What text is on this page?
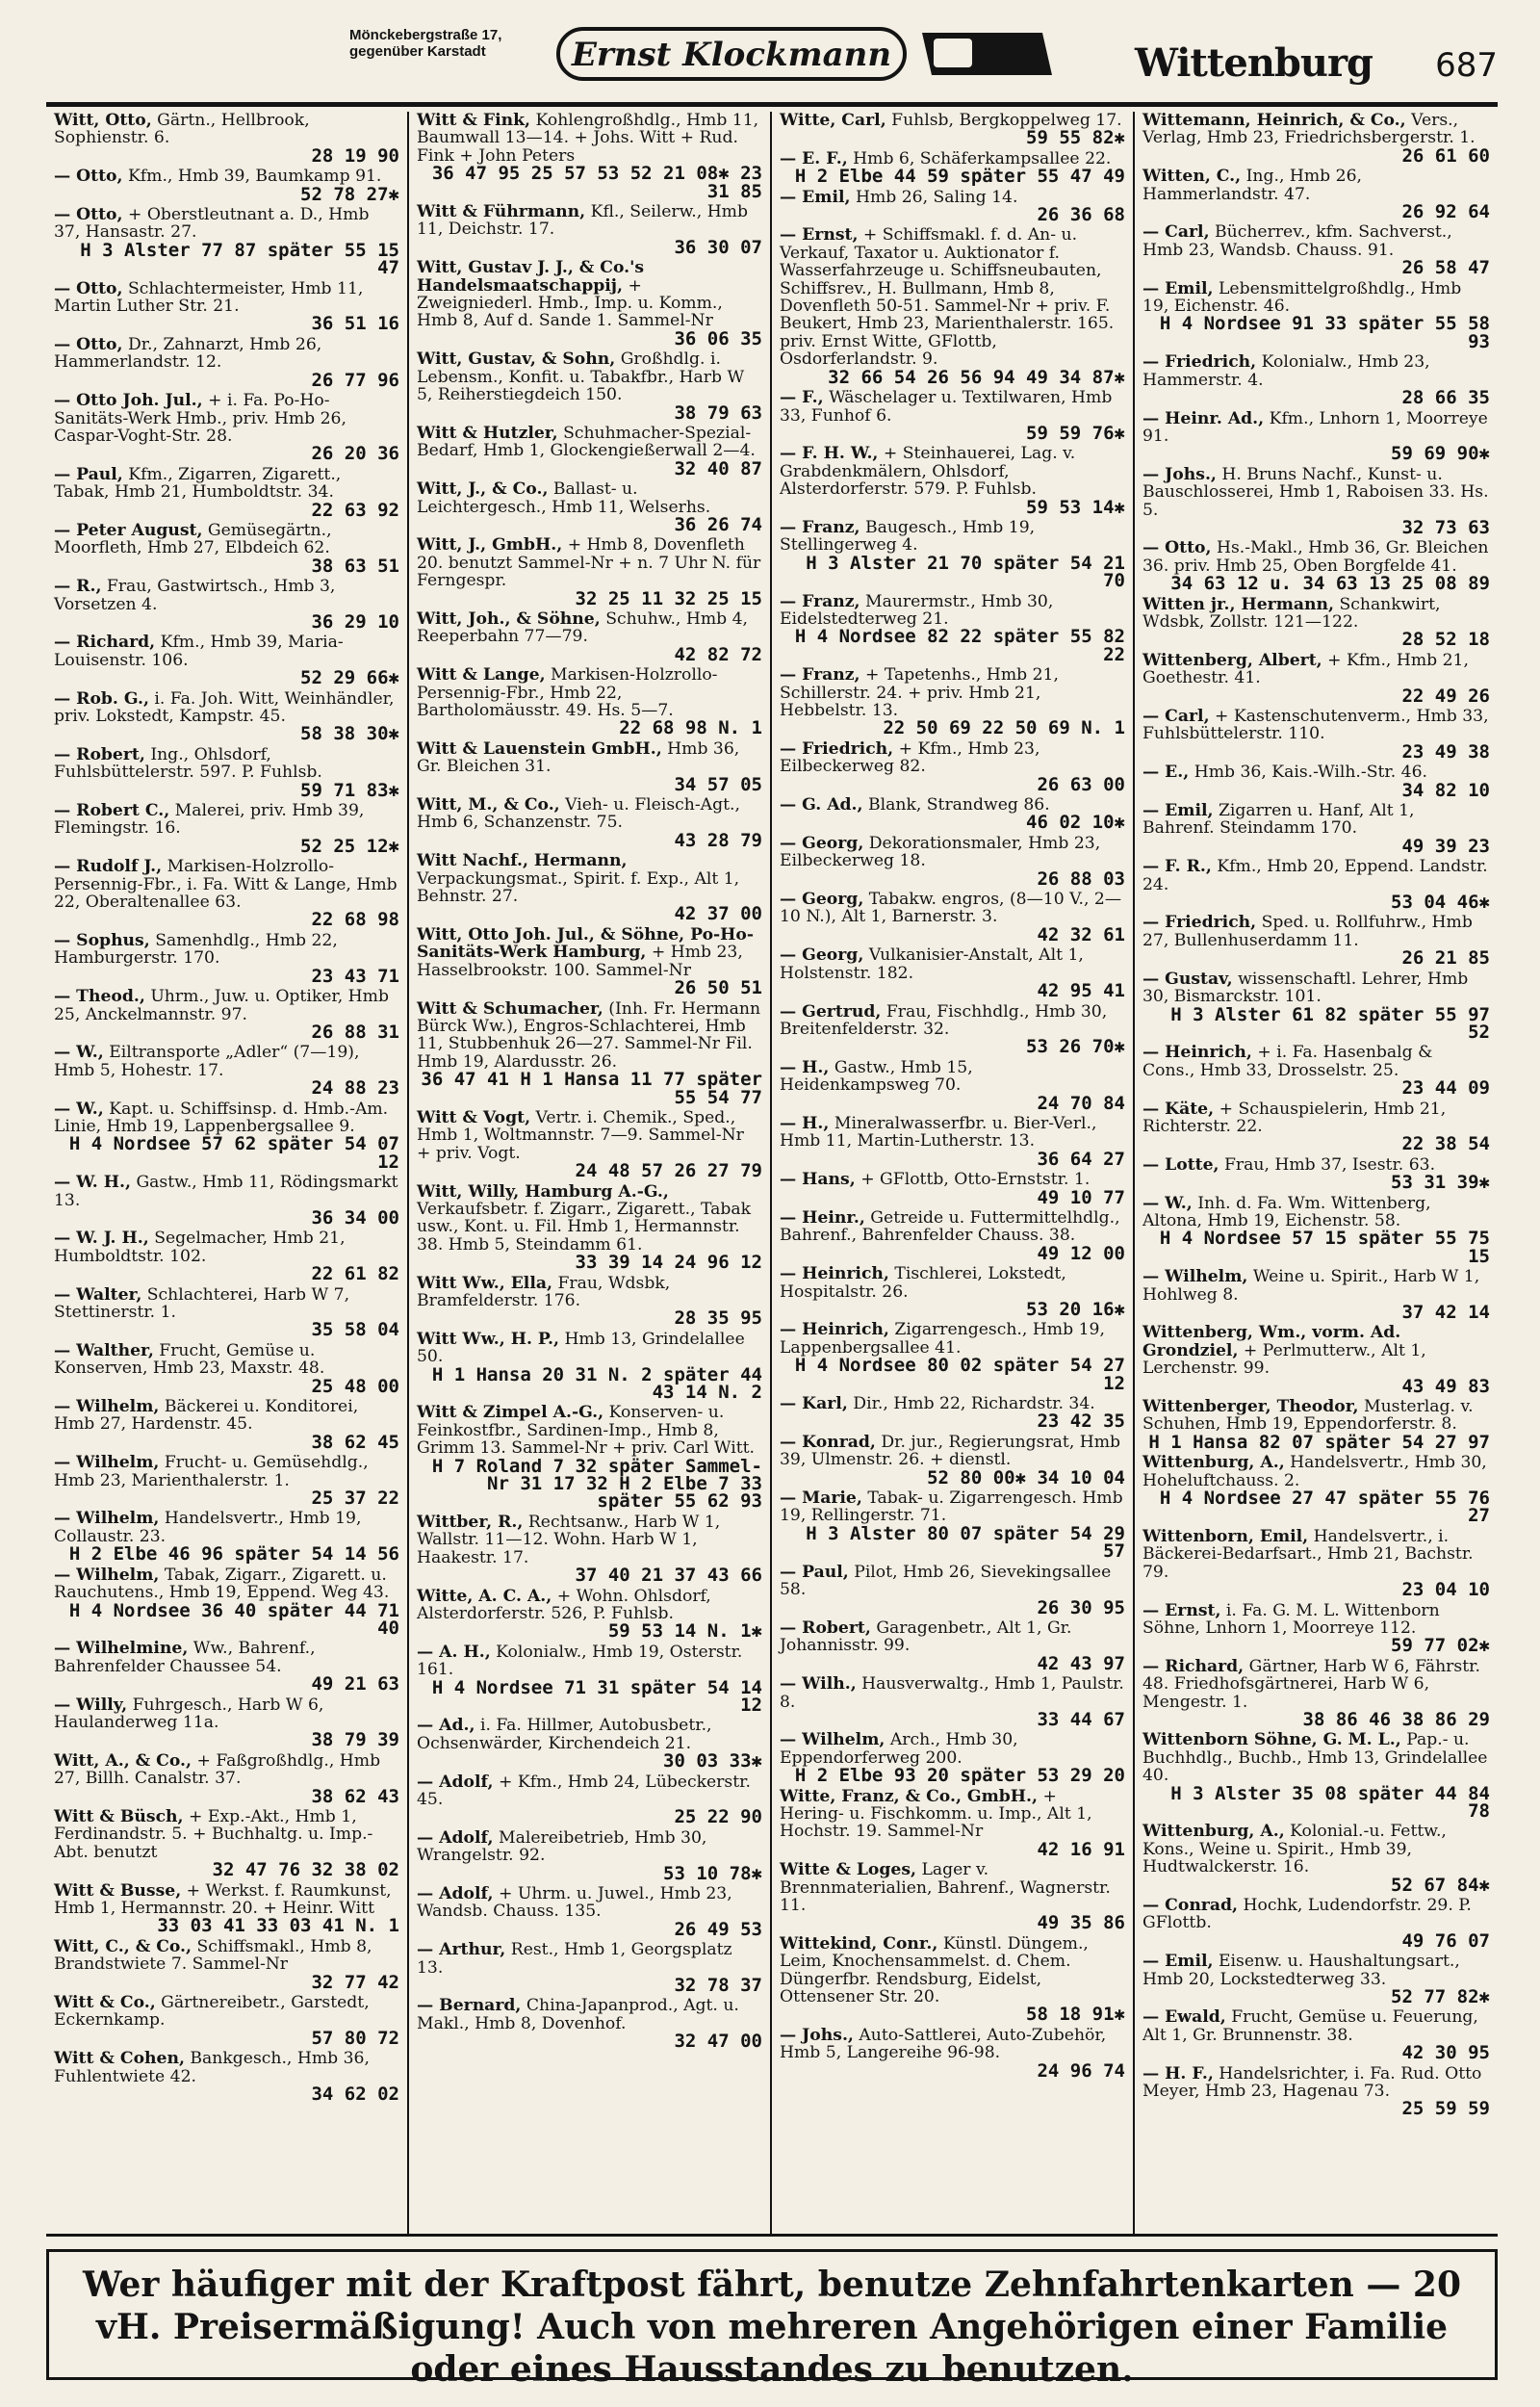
Mönckebergstraße 17, gegenüber Karstadt	Ernst Klockmann	Wittenburg 687
Witt, Otto, Gärtn., Hellbrook, Sophienstr. 6.
28 19 90
— Otto, Kfm., Hmb 39, Baumkamp 91.
52 78 27✱
— Otto, + Oberstleutnant a. D., Hmb 37, Hansastr. 27.
H 3 Alster 77 87 später 55 15 47
— Otto, Schlachtermeister, Hmb 11, Martin Luther Str. 21.
36 51 16
— Otto, Dr., Zahnarzt, Hmb 26, Hammerlandstr. 12.
26 77 96
— Otto Joh. Jul., + i. Fa. Po-Ho-Sanitäts-Werk Hmb., priv. Hmb 26, Caspar-Voght-Str. 28.
26 20 36
— Paul, Kfm., Zigarren, Zigarett., Tabak, Hmb 21, Humboldtstr. 34.
22 63 92
— Peter August, Gemüsegärtn., Moorfleth, Hmb 27, Elbdeich 62.
38 63 51
— R., Frau, Gastwirtsch., Hmb 3, Vorsetzen 4.
36 29 10
— Richard, Kfm., Hmb 39, Maria-Louisenstr. 106.
52 29 66✱
— Rob. G., i. Fa. Joh. Witt, Weinhändler, priv. Lokstedt, Kampstr. 45.
58 38 30✱
— Robert, Ing., Ohlsdorf, Fuhlsbüttelerstr. 597. P. Fuhlsb.
59 71 83✱
— Robert C., Malerei, priv. Hmb 39, Flemingstr. 16.
52 25 12✱
— Rudolf J., Markisen-Holzrollo-Persennig-Fbr., i. Fa. Witt & Lange, Hmb 22, Oberaltenallee 63.
22 68 98
— Sophus, Samenhdlg., Hmb 22, Hamburgerstr. 170.
23 43 71
— Theod., Uhrm., Juw. u. Optiker, Hmb 25, Anckelmannstr. 97.
26 88 31
— W., Eiltransporte „Adler“ (7—19), Hmb 5, Hohestr. 17.
24 88 23
— W., Kapt. u. Schiffsinsp. d. Hmb.-Am. Linie, Hmb 19, Lappenbergsallee 9.
H 4 Nordsee 57 62 später 54 07 12
— W. H., Gastw., Hmb 11, Rödingsmarkt 13.
36 34 00
— W. J. H., Segelmacher, Hmb 21, Humboldtstr. 102.
22 61 82
— Walter, Schlachterei, Harb W 7, Stettinerstr. 1.
35 58 04
— Walther, Frucht, Gemüse u. Konserven, Hmb 23, Maxstr. 48.
25 48 00
— Wilhelm, Bäckerei u. Konditorei, Hmb 27, Hardenstr. 45.
38 62 45
— Wilhelm, Frucht- u. Gemüsehdlg., Hmb 23, Marienthalerstr. 1.
25 37 22
— Wilhelm, Handelsvertr., Hmb 19, Collaustr. 23.
H 2 Elbe 46 96 später 54 14 56
— Wilhelm, Tabak, Zigarr., Zigarett. u. Rauchutens., Hmb 19, Eppend. Weg 43.
H 4 Nordsee 36 40 später 44 71 40
— Wilhelmine, Ww., Bahrenf., Bahrenfelder Chaussee 54.
49 21 63
— Willy, Fuhrgesch., Harb W 6, Haulanderweg 11a.
38 79 39
Witt, A., & Co., + Faßgroßhdlg., Hmb 27, Billh. Canalstr. 37.
38 62 43
Witt & Büsch, + Exp.-Akt., Hmb 1, Ferdinandstr. 5. + Buchhaltg. u. Imp.-Abt. benutzt
32 47 76 32 38 02
Witt & Busse, + Werkst. f. Raumkunst, Hmb 1, Hermannstr. 20. + Heinr. Witt
33 03 41 33 03 41 N. 1
Witt, C., & Co., Schiffsmakl., Hmb 8, Brandstwiete 7. Sammel-Nr
32 77 42
Witt & Co., Gärtnereibetr., Garstedt, Eckernkamp.
57 80 72
Witt & Cohen, Bankgesch., Hmb 36, Fuhlentwiete 42.
34 62 02
Witt & Fink, Kohlengroßhdlg., Hmb 11, Baumwall 13—14. + Johs. Witt + Rud. Fink + John Peters
36 47 95 25 57 53 52 21 08✱ 23 31 85
Witt & Führmann, Kfl., Seilerw., Hmb 11, Deichstr. 17.
36 30 07
Witt, Gustav J. J., & Co.'s Handelsmaatschappij, + Zweigniederl. Hmb., Imp. u. Komm., Hmb 8, Auf d. Sande 1. Sammel-Nr
36 06 35
Witt, Gustav, & Sohn, Großhdlg. i. Lebensm., Konfit. u. Tabakfbr., Harb W 5, Reiherstiegdeich 150.
38 79 63
Witt & Hutzler, Schuhmacher-Spezial-Bedarf, Hmb 1, Glockengießerwall 2—4.
32 40 87
Witt, J., & Co., Ballast- u. Leichtergesch., Hmb 11, Welserhs.
36 26 74
Witt, J., GmbH., + Hmb 8, Dovenfleth 20. benutzt Sammel-Nr + n. 7 Uhr N. für Ferngespr.
32 25 11 32 25 15
Witt, Joh., & Söhne, Schuhw., Hmb 4, Reeperbahn 77—79.
42 82 72
Witt & Lange, Markisen-Holzrollo-Persennig-Fbr., Hmb 22, Bartholomäusstr. 49. Hs. 5—7.
22 68 98 N. 1
Witt & Lauenstein GmbH., Hmb 36, Gr. Bleichen 31.
34 57 05
Witt, M., & Co., Vieh- u. Fleisch-Agt., Hmb 6, Schanzenstr. 75.
43 28 79
Witt Nachf., Hermann, Verpackungsmat., Spirit. f. Exp., Alt 1, Behnstr. 27.
42 37 00
Witt, Otto Joh. Jul., & Söhne, Po-Ho-Sanitäts-Werk Hamburg, + Hmb 23, Hasselbrookstr. 100. Sammel-Nr
26 50 51
Witt & Schumacher, (Inh. Fr. Hermann Bürck Ww.), Engros-Schlachterei, Hmb 11, Stubbenhuk 26—27. Sammel-Nr Fil. Hmb 19, Alardusstr. 26.
36 47 41 H 1 Hansa 11 77 später 55 54 77
Witt & Vogt, Vertr. i. Chemik., Sped., Hmb 1, Woltmannstr. 7—9. Sammel-Nr + priv. Vogt.
24 48 57 26 27 79
Witt, Willy, Hamburg A.-G., Verkaufsbetr. f. Zigarr., Zigarett., Tabak usw., Kont. u. Fil. Hmb 1, Hermannstr. 38. Hmb 5, Steindamm 61.
33 39 14 24 96 12
Witt Ww., Ella, Frau, Wdsbk, Bramfelderstr. 176.
28 35 95
Witt Ww., H. P., Hmb 13, Grindelallee 50.
H 1 Hansa 20 31 N. 2 später 44 43 14 N. 2
Witt & Zimpel A.-G., Konserven- u. Feinkostfbr., Sardinen-Imp., Hmb 8, Grimm 13. Sammel-Nr + priv. Carl Witt.
H 7 Roland 7 32 später Sammel-Nr 31 17 32 H 2 Elbe 7 33 später 55 62 93
Wittber, R., Rechtsanw., Harb W 1, Wallstr. 11—12. Wohn. Harb W 1, Haakestr. 17.
37 40 21 37 43 66
Witte, A. C. A., + Wohn. Ohlsdorf, Alsterdorferstr. 526, P. Fuhlsb.
59 53 14 N. 1✱
— A. H., Kolonialw., Hmb 19, Osterstr. 161.
H 4 Nordsee 71 31 später 54 14 12
— Ad., i. Fa. Hillmer, Autobusbetr., Ochsenwärder, Kirchendeich 21.
30 03 33✱
— Adolf, + Kfm., Hmb 24, Lübeckerstr. 45.
25 22 90
— Adolf, Malereibetrieb, Hmb 30, Wrangelstr. 92.
53 10 78✱
— Adolf, + Uhrm. u. Juwel., Hmb 23, Wandsb. Chauss. 135.
26 49 53
— Arthur, Rest., Hmb 1, Georgsplatz 13.
32 78 37
— Bernard, China-Japanprod., Agt. u. Makl., Hmb 8, Dovenhof.
32 47 00
Witte, Carl, Fuhlsb, Bergkoppelweg 17.
59 55 82✱
— E. F., Hmb 6, Schäferkampsallee 22.
H 2 Elbe 44 59 später 55 47 49
— Emil, Hmb 26, Saling 14.
26 36 68
— Ernst, + Schiffsmakl. f. d. An- u. Verkauf, Taxator u. Auktionator f. Wasserfahrzeuge u. Schiffsneubauten, Schiffsrev., H. Bullmann, Hmb 8, Dovenfleth 50-51. Sammel-Nr + priv. F. Beukert, Hmb 23, Marienthalerstr. 165. priv. Ernst Witte, GFlottb, Osdorferlandstr. 9.
32 66 54 26 56 94 49 34 87✱
— F., Wäschelager u. Textilwaren, Hmb 33, Funhof 6.
59 59 76✱
— F. H. W., + Steinhauerei, Lag. v. Grabdenkmälern, Ohlsdorf, Alsterdorferstr. 579. P. Fuhlsb.
59 53 14✱
— Franz, Baugesch., Hmb 19, Stellingerweg 4.
H 3 Alster 21 70 später 54 21 70
— Franz, Maurermstr., Hmb 30, Eidelstedterweg 21.
H 4 Nordsee 82 22 später 55 82 22
— Franz, + Tapetenhs., Hmb 21, Schillerstr. 24. + priv. Hmb 21, Hebbelstr. 13.
22 50 69 22 50 69 N. 1
— Friedrich, + Kfm., Hmb 23, Eilbeckerweg 82.
26 63 00
— G. Ad., Blank, Strandweg 86.
46 02 10✱
— Georg, Dekorationsmaler, Hmb 23, Eilbeckerweg 18.
26 88 03
— Georg, Tabakw. engros, (8—10 V., 2—10 N.), Alt 1, Barnerstr. 3.
42 32 61
— Georg, Vulkanisier-Anstalt, Alt 1, Holstenstr. 182.
42 95 41
— Gertrud, Frau, Fischhdlg., Hmb 30, Breitenfelderstr. 32.
53 26 70✱
— H., Gastw., Hmb 15, Heidenkampsweg 70.
24 70 84
— H., Mineralwasserfbr. u. Bier-Verl., Hmb 11, Martin-Lutherstr. 13.
36 64 27
— Hans, + GFlottb, Otto-Ernststr. 1.
49 10 77
— Heinr., Getreide u. Futtermittelhdlg., Bahrenf., Bahrenfelder Chauss. 38.
49 12 00
— Heinrich, Tischlerei, Lokstedt, Hospitalstr. 26.
53 20 16✱
— Heinrich, Zigarrengesch., Hmb 19, Lappenbergsallee 41.
H 4 Nordsee 80 02 später 54 27 12
— Karl, Dir., Hmb 22, Richardstr. 34.
23 42 35
— Konrad, Dr. jur., Regierungsrat, Hmb 39, Ulmenstr. 26. + dienstl.
52 80 00✱ 34 10 04
— Marie, Tabak- u. Zigarrengesch. Hmb 19, Rellingerstr. 71.
H 3 Alster 80 07 später 54 29 57
— Paul, Pilot, Hmb 26, Sievekingsallee 58.
26 30 95
— Robert, Garagenbetr., Alt 1, Gr. Johannisstr. 99.
42 43 97
— Wilh., Hausverwaltg., Hmb 1, Paulstr. 8.
33 44 67
— Wilhelm, Arch., Hmb 30, Eppendorferweg 200.
H 2 Elbe 93 20 später 53 29 20
Witte, Franz, & Co., GmbH., + Hering- u. Fischkomm. u. Imp., Alt 1, Hochstr. 19. Sammel-Nr
42 16 91
Witte & Loges, Lager v. Brennmaterialien, Bahrenf., Wagnerstr. 11.
49 35 86
Wittekind, Conr., Künstl. Düngem., Leim, Knochensammelst. d. Chem. Düngerfbr. Rendsburg, Eidelst, Ottensener Str. 20.
58 18 91✱
— Johs., Auto-Sattlerei, Auto-Zubehör, Hmb 5, Langereihe 96-98.
24 96 74
Wittemann, Heinrich, & Co., Vers., Verlag, Hmb 23, Friedrichsbergerstr. 1.
26 61 60
Witten, C., Ing., Hmb 26, Hammerlandstr. 47.
26 92 64
— Carl, Bücherrev., kfm. Sachverst., Hmb 23, Wandsb. Chauss. 91.
26 58 47
— Emil, Lebensmittelgroßhdlg., Hmb 19, Eichenstr. 46.
H 4 Nordsee 91 33 später 55 58 93
— Friedrich, Kolonialw., Hmb 23, Hammerstr. 4.
28 66 35
— Heinr. Ad., Kfm., Lnhorn 1, Moorreye 91.
59 69 90✱
— Johs., H. Bruns Nachf., Kunst- u. Bauschlosserei, Hmb 1, Raboisen 33. Hs. 5.
32 73 63
— Otto, Hs.-Makl., Hmb 36, Gr. Bleichen 36. priv. Hmb 25, Oben Borgfelde 41.
34 63 12 u. 34 63 13 25 08 89
Witten jr., Hermann, Schankwirt, Wdsbk, Zollstr. 121—122.
28 52 18
Wittenberg, Albert, + Kfm., Hmb 21, Goethestr. 41.
22 49 26
— Carl, + Kastenschutenverm., Hmb 33, Fuhlsbüttelerstr. 110.
23 49 38
— E., Hmb 36, Kais.-Wilh.-Str. 46.
34 82 10
— Emil, Zigarren u. Hanf, Alt 1, Bahrenf. Steindamm 170.
49 39 23
— F. R., Kfm., Hmb 20, Eppend. Landstr. 24.
53 04 46✱
— Friedrich, Sped. u. Rollfuhrw., Hmb 27, Bullenhuserdamm 11.
26 21 85
— Gustav, wissenschaftl. Lehrer, Hmb 30, Bismarckstr. 101.
H 3 Alster 61 82 später 55 97 52
— Heinrich, + i. Fa. Hasenbalg & Cons., Hmb 33, Drosselstr. 25.
23 44 09
— Käte, + Schauspielerin, Hmb 21, Richterstr. 22.
22 38 54
— Lotte, Frau, Hmb 37, Isestr. 63.
53 31 39✱
— W., Inh. d. Fa. Wm. Wittenberg, Altona, Hmb 19, Eichenstr. 58.
H 4 Nordsee 57 15 später 55 75 15
— Wilhelm, Weine u. Spirit., Harb W 1, Hohlweg 8.
37 42 14
Wittenberg, Wm., vorm. Ad. Grondziel, + Perlmutterw., Alt 1, Lerchenstr. 99.
43 49 83
Wittenberger, Theodor, Musterlag. v. Schuhen, Hmb 19, Eppendorferstr. 8.
H 1 Hansa 82 07 später 54 27 97
Wittenburg, A., Handelsvertr., Hmb 30, Hoheluftchauss. 2.
H 4 Nordsee 27 47 später 55 76 27
Wittenborn, Emil, Handelsvertr., i. Bäckerei-Bedarfsart., Hmb 21, Bachstr. 79.
23 04 10
— Ernst, i. Fa. G. M. L. Wittenborn Söhne, Lnhorn 1, Moorreye 112.
59 77 02✱
— Richard, Gärtner, Harb W 6, Fährstr. 48. Friedhofsgärtnerei, Harb W 6, Mengestr. 1.
38 86 46 38 86 29
Wittenborn Söhne, G. M. L., Pap.- u. Buchhdlg., Buchb., Hmb 13, Grindelallee 40.
H 3 Alster 35 08 später 44 84 78
Wittenburg, A., Kolonial.-u. Fettw., Kons., Weine u. Spirit., Hmb 39, Hudtwalckerstr. 16.
52 67 84✱
— Conrad, Hochk, Ludendorfstr. 29. P. GFlottb.
49 76 07
— Emil, Eisenw. u. Haushaltungsart., Hmb 20, Lockstedterweg 33.
52 77 82✱
— Ewald, Frucht, Gemüse u. Feuerung, Alt 1, Gr. Brunnenstr. 38.
42 30 95
— H. F., Handelsrichter, i. Fa. Rud. Otto Meyer, Hmb 23, Hagenau 73.
25 59 59
Wer häufiger mit der Kraftpost fährt, benutze Zehnfahrtenkarten — 20 vH. Preisermäßigung! Auch von mehreren Angehörigen einer Familie oder eines Hausstandes zu benutzen.
